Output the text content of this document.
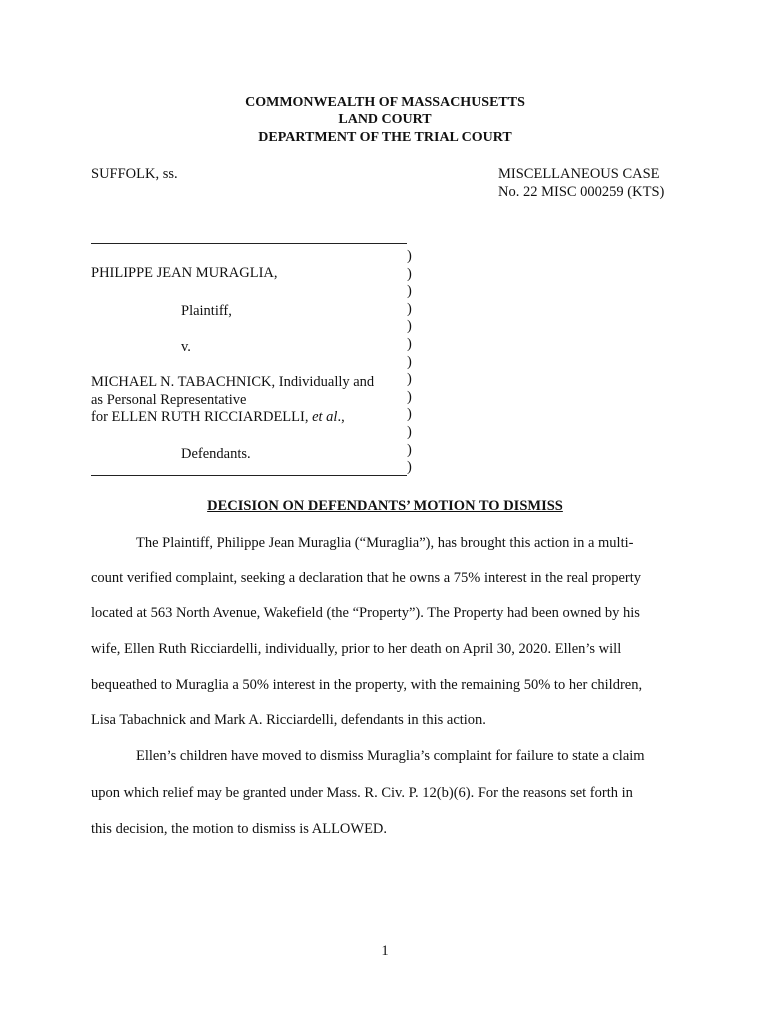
COMMONWEALTH OF MASSACHUSETTS
LAND COURT
DEPARTMENT OF THE TRIAL COURT
SUFFOLK, ss.	MISCELLANEOUS CASE
No. 22 MISC 000259 (KTS)
PHILIPPE JEAN MURAGLIA,
Plaintiff,
v.
MICHAEL N. TABACHNICK, Individually and
as Personal Representative
for ELLEN RUTH RICCIARDELLI, et al.,
Defendants.
)
)
)
)
)
)
)
)
)
)
)
)
)
DECISION ON DEFENDANTS’ MOTION TO DISMISS
The Plaintiff, Philippe Jean Muraglia (“Muraglia”), has brought this action in a multi-
count verified complaint, seeking a declaration that he owns a 75% interest in the real property
located at 563 North Avenue, Wakefield (the “Property”). The Property had been owned by his
wife, Ellen Ruth Ricciardelli, individually, prior to her death on April 30, 2020. Ellen’s will
bequeathed to Muraglia a 50% interest in the property, with the remaining 50% to her children,
Lisa Tabachnick and Mark A. Ricciardelli, defendants in this action.
Ellen’s children have moved to dismiss Muraglia’s complaint for failure to state a claim
upon which relief may be granted under Mass. R. Civ. P. 12(b)(6). For the reasons set forth in
this decision, the motion to dismiss is ALLOWED.
1
